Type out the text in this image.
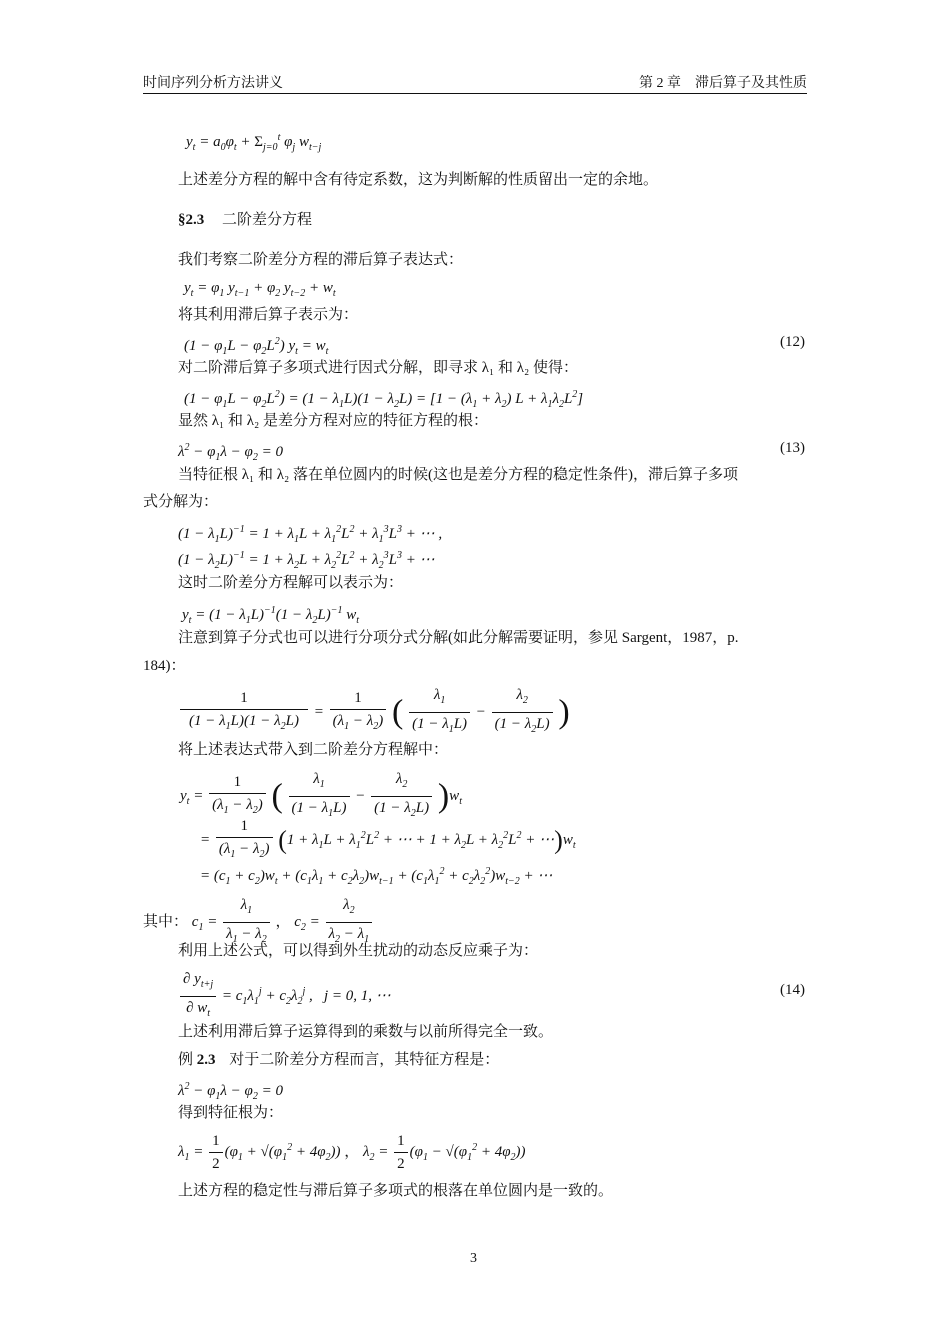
时间序列分析方法讲义	第 2 章　滞后算子及其性质
$y_t = a_0\varphi_t + \Sigma_{j=0}^t$ $\varphi_j$ $w_{t-j}$
上述差分方程的解中含有待定系数，这为判断解的性质留出一定的余地。
§2.3 二阶差分方程
我们考察二阶差分方程的滞后算子表达式：
$y_t = \varphi_1$ $y_{t-1} + \varphi_2$ $y_{t-2} + w_t$
将其利用滞后算子表示为：
$(1 - \varphi_1L - \varphi_2L^2)$ $y_t = w_t$
(12)
对二阶滞后算子多项式进行因式分解，即寻求 λ₁ 和 λ₂ 使得：
$(1 - \varphi_1L - \varphi_2L^2) = (1 - \lambda_1L)(1 - \lambda_2L) = [1 - (\lambda_1 + \lambda_2)$ $L + \lambda_1\lambda_2L^2$]
显然 λ₁ 和 λ₂ 是差分方程对应的特征方程的根：
$\lambda^2 - \varphi_1\lambda - \varphi_2 = 0$	(13)
当特征根 λ₁ 和 λ₂ 落在单位圆内的时候(这也是差分方程的稳定性条件)，滞后算子多项
式分解为：
$(1 - \lambda_1L)^{-1} = 1 + \lambda_1L + \lambda_1^2L^2 + \lambda_1^3L^3$ + ⋯ ,
$(1 - \lambda_2L)^{-1} = 1 + \lambda_2L + \lambda_2^2L^2 + \lambda_2^3L^3$ + ⋯
这时二阶差分方程解可以表示为：
$y_t = (1 - \lambda_1L)^{-1}(1 - \lambda_2L)^{-1}$ $w_t$
注意到算子分式也可以进行分项分式分解(如此分解需要证明，参见 Sargent，1987，p.
184)：
$\frac{1}{(1 - \lambda_1L)(1 - \lambda_2L)} = \frac{1}{(\lambda_1 - \lambda_2)}$ ( $\frac{\lambda_1}{(1 - \lambda_1L)} - \frac{\lambda_2}{(1 - \lambda_2L)}$ )
将上述表达式带入到二阶差分方程解中：
$y_t = \frac{1}{(\lambda_1 - \lambda_2)}$ ( $\frac{\lambda_1}{(1 - \lambda_1L)} - \frac{\lambda_2}{(1 - \lambda_2L)} )w_t$
= $\frac{1}{(\lambda_1 - \lambda_2)} (1 + \lambda_1L + \lambda_1^2L^2$ + ⋯ + $1 + \lambda_2L + \lambda_2^2L^2$ + $\cdots)w_t$
= $(c_1 + c_2)w_t + (c_1\lambda_1 + c_2\lambda_2)w_{t-1} + (c_1\lambda_1^2 + c_2\lambda_2^2)w_{t-2}$ + ⋯
其中： $c_1 = \frac{\lambda_1}{\lambda_1 - \lambda_2}$ ， $c_2 = \frac{\lambda_2}{\lambda_2 - \lambda_1}$
利用上述公式，可以得到外生扰动的动态反应乘子为：
$\frac{\partial y_{t+j}}{\partial w_t} = c_1\lambda_1^j + c_2\lambda_2^j$ ,   j = 0, 1, ⋯	(14)
上述利用滞后算子运算得到的乘数与以前所得完全一致。
例 2.3 对于二阶差分方程而言，其特征方程是：
$\lambda^2 - \varphi_1\lambda - \varphi_2 = 0$
得到特征根为：
$\lambda_1 = \frac{1}{2} (\varphi_1 + √(\varphi_1^2 + 4\varphi_2))$ ， $\lambda_2 = \frac{1}{2} (\varphi_1 - √(\varphi_1^2 + 4\varphi_2))$
上述方程的稳定性与滞后算子多项式的根落在单位圆内是一致的。
3
